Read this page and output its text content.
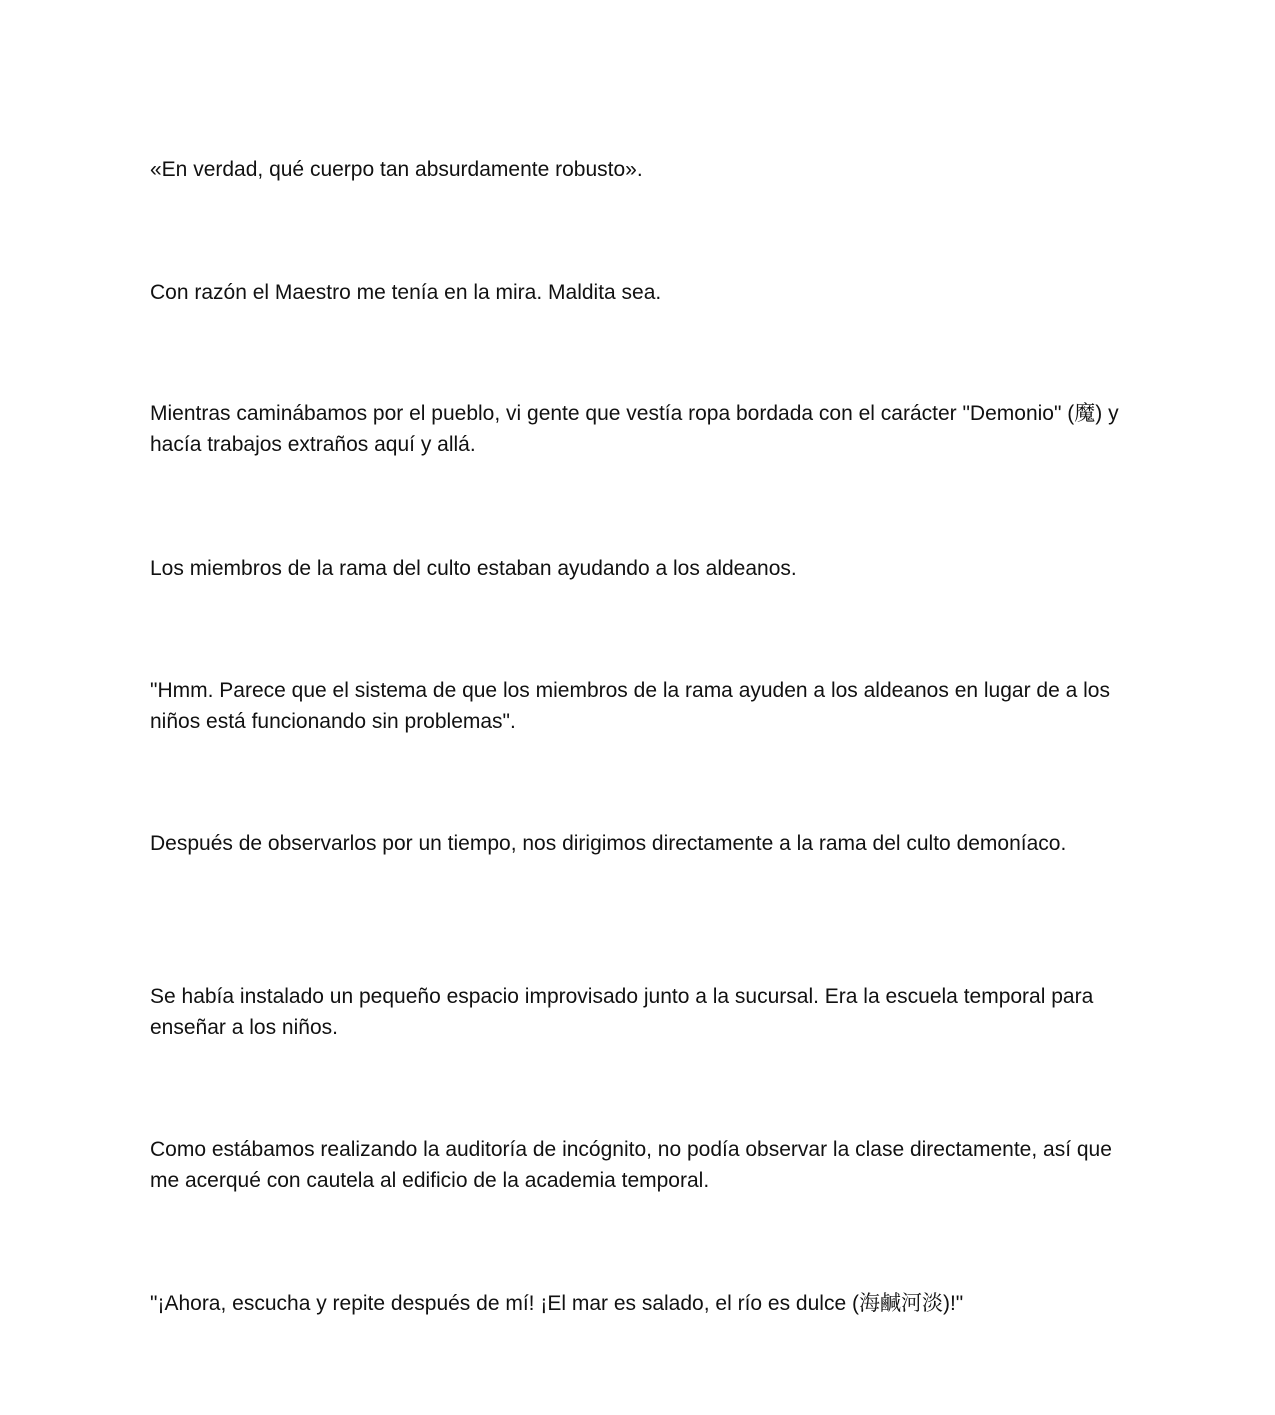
«En verdad, qué cuerpo tan absurdamente robusto».

Con razón el Maestro me tenía en la mira. Maldita sea.

Mientras caminábamos por el pueblo, vi gente que vestía ropa bordada con el carácter "Demonio" (魔) y hacía trabajos extraños aquí y allá.

Los miembros de la rama del culto estaban ayudando a los aldeanos.

"Hmm. Parece que el sistema de que los miembros de la rama ayuden a los aldeanos en lugar de a los niños está funcionando sin problemas".

Después de observarlos por un tiempo, nos dirigimos directamente a la rama del culto demoníaco.

Se había instalado un pequeño espacio improvisado junto a la sucursal. Era la escuela temporal para enseñar a los niños.

Como estábamos realizando la auditoría de incógnito, no podía observar la clase directamente, así que me acerqué con cautela al edificio de la academia temporal.

"¡Ahora, escucha y repite después de mí! ¡El mar es salado, el río es dulce (海鹹河淡)!"
